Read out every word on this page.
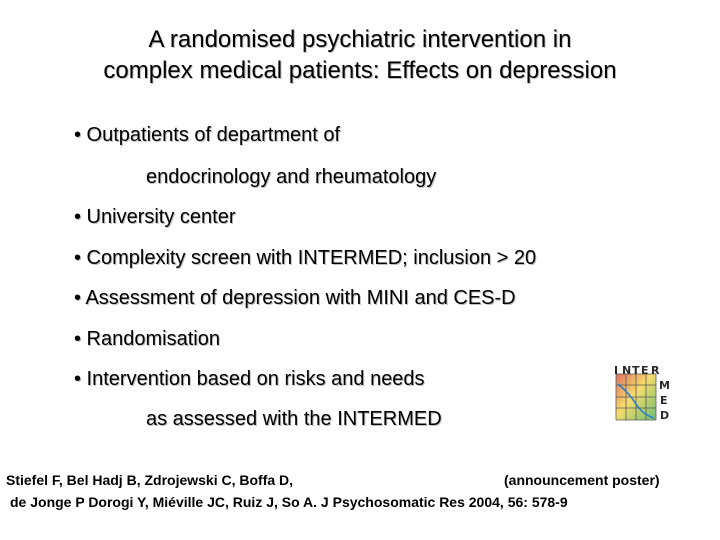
A randomised psychiatric intervention in
complex medical patients: Effects on depression
• Outpatients of department of
endocrinology and rheumatology
• University center
• Complexity screen with INTERMED; inclusion > 20
• Assessment of depression with MINI and CES-D
• Randomisation
• Intervention based on risks and needs
as assessed with the INTERMED
I N T E R
M
E
D
Stiefel F, Bel Hadj B, Zdrojewski C, Boffa D,	(announcement poster)
de Jonge P Dorogi Y, Miéville JC, Ruiz J, So A. J Psychosomatic Res 2004, 56: 578-9
